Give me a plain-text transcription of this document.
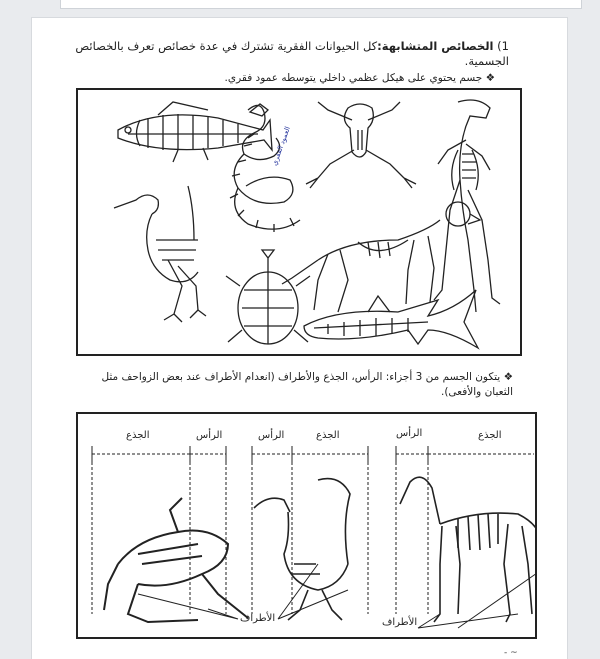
1) الخصائص المتشابهة:كل الحيوانات الفقرية تشترك في عدة خصائص تعرف بالخصائص الجسمية.
❖ جسم يحتوي على هيكل عظمي داخلي يتوسطه عمود فقري.
العمود الفقري
❖ يتكون الجسم من 3 أجزاء: الرأس، الجذع والأطراف (انعدام الأطراف عند بعض الزواحف مثل الثعبان والأفعى).
الجذع	الرأس	الرأس	الجذع	الرأس	الجذع
الأطراف	الأطراف
- ~
